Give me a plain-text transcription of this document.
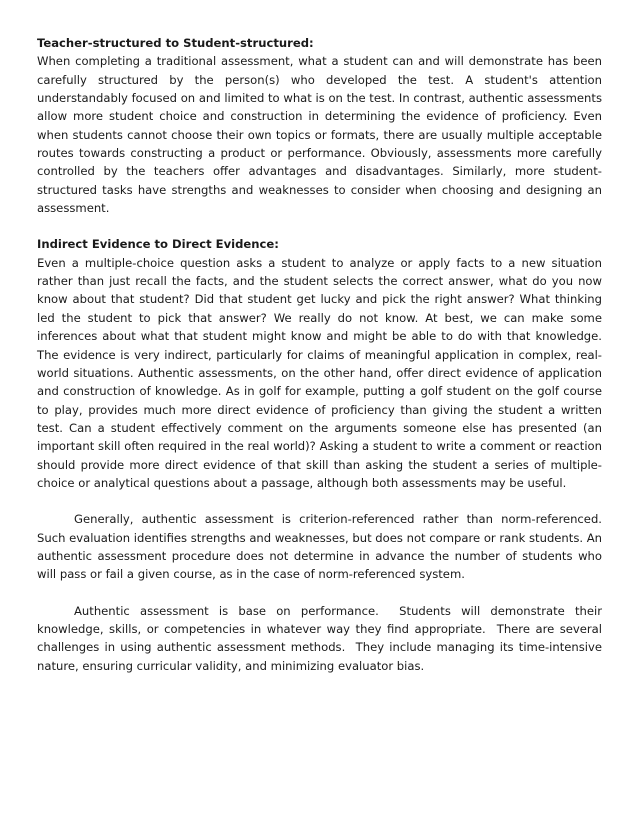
Teacher-structured to Student-structured:

When completing a traditional assessment, what a student can and will demonstrate has been carefully structured by the person(s) who developed the test. A student's attention understandably focused on and limited to what is on the test. In contrast, authentic assessments allow more student choice and construction in determining the evidence of proficiency. Even when students cannot choose their own topics or formats, there are usually multiple acceptable routes towards constructing a product or performance. Obviously, assessments more carefully controlled by the teachers offer advantages and disadvantages. Similarly, more student-structured tasks have strengths and weaknesses to consider when choosing and designing an assessment.

Indirect Evidence to Direct Evidence:

Even a multiple-choice question asks a student to analyze or apply facts to a new situation rather than just recall the facts, and the student selects the correct answer, what do you now know about that student? Did that student get lucky and pick the right answer? What thinking led the student to pick that answer? We really do not know. At best, we can make some inferences about what that student might know and might be able to do with that knowledge. The evidence is very indirect, particularly for claims of meaningful application in complex, real-world situations. Authentic assessments, on the other hand, offer direct evidence of application and construction of knowledge. As in golf for example, putting a golf student on the golf course to play, provides much more direct evidence of proficiency than giving the student a written test. Can a student effectively comment on the arguments someone else has presented (an important skill often required in the real world)? Asking a student to write a comment or reaction should provide more direct evidence of that skill than asking the student a series of multiple-choice or analytical questions about a passage, although both assessments may be useful.

Generally, authentic assessment is criterion-referenced rather than norm-referenced. Such evaluation identifies strengths and weaknesses, but does not compare or rank students. An authentic assessment procedure does not determine in advance the number of students who will pass or fail a given course, as in the case of norm-referenced system.

Authentic assessment is base on performance.  Students will demonstrate their knowledge, skills, or competencies in whatever way they find appropriate.  There are several challenges in using authentic assessment methods.  They include managing its time-intensive nature, ensuring curricular validity, and minimizing evaluator bias.
